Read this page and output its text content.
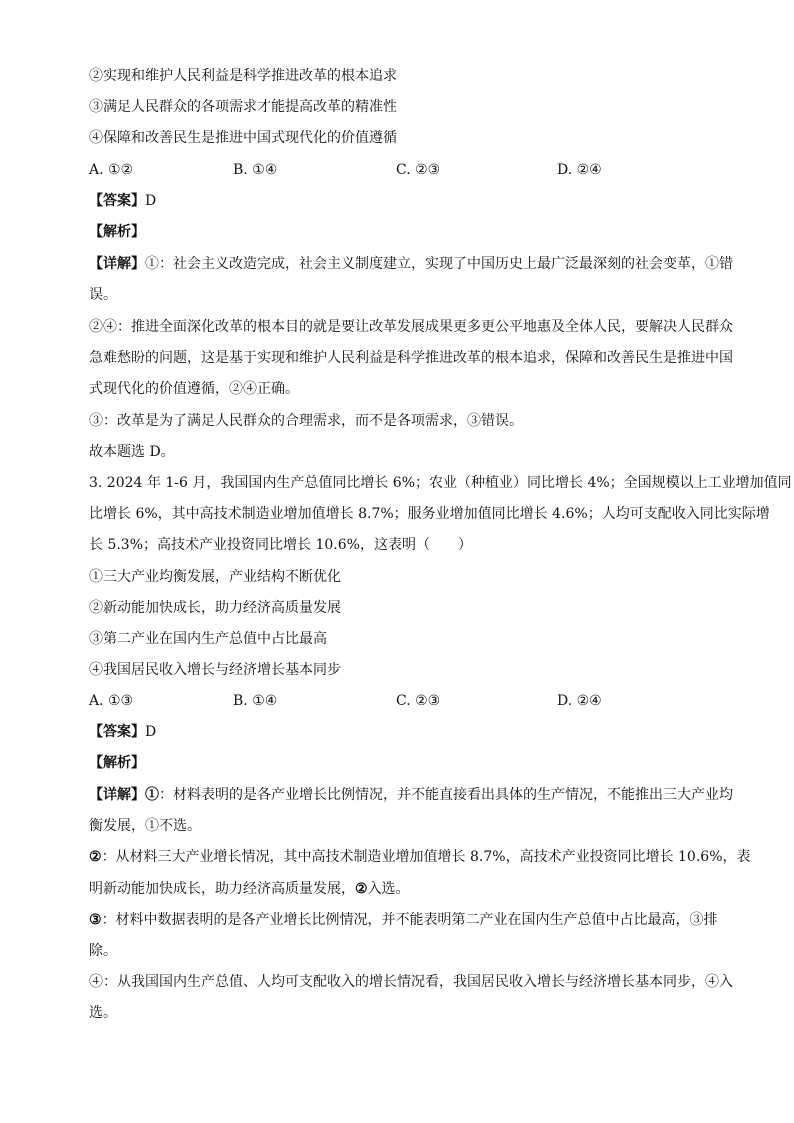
②实现和维护人民利益是科学推进改革的根本追求
③满足人民群众的各项需求才能提高改革的精准性
④保障和改善民生是推进中国式现代化的价值遵循
A. ①②	B. ①④	C. ②③	D. ②④
【答案】D
【解析】
【详解】①：社会主义改造完成，社会主义制度建立，实现了中国历史上最广泛最深刻的社会变革，①错
误。
②④：推进全面深化改革的根本目的就是要让改革发展成果更多更公平地惠及全体人民，要解决人民群众
急难愁盼的问题，这是基于实现和维护人民利益是科学推进改革的根本追求，保障和改善民生是推进中国
式现代化的价值遵循，②④正确。
③：改革是为了满足人民群众的合理需求，而不是各项需求，③错误。
故本题选 D。
3. 2024 年 1-6 月，我国国内生产总值同比增长 6%；农业（种植业）同比增长 4%；全国规模以上工业增加值同
比增长 6%，其中高技术制造业增加值增长 8.7%；服务业增加值同比增长 4.6%；人均可支配收入同比实际增
长 5.3%；高技术产业投资同比增长 10.6%，这表明（　　）
①三大产业均衡发展，产业结构不断优化
②新动能加快成长，助力经济高质量发展
③第二产业在国内生产总值中占比最高
④我国居民收入增长与经济增长基本同步
A. ①③	B. ①④	C. ②③	D. ②④
【答案】D
【解析】
【详解】①：材料表明的是各产业增长比例情况，并不能直接看出具体的生产情况，不能推出三大产业均
衡发展，①不选。
②：从材料三大产业增长情况，其中高技术制造业增加值增长 8.7%，高技术产业投资同比增长 10.6%，表
明新动能加快成长，助力经济高质量发展，②入选。
③：材料中数据表明的是各产业增长比例情况，并不能表明第二产业在国内生产总值中占比最高，③排
除。
④：从我国国内生产总值、人均可支配收入的增长情况看，我国居民收入增长与经济增长基本同步，④入
选。
